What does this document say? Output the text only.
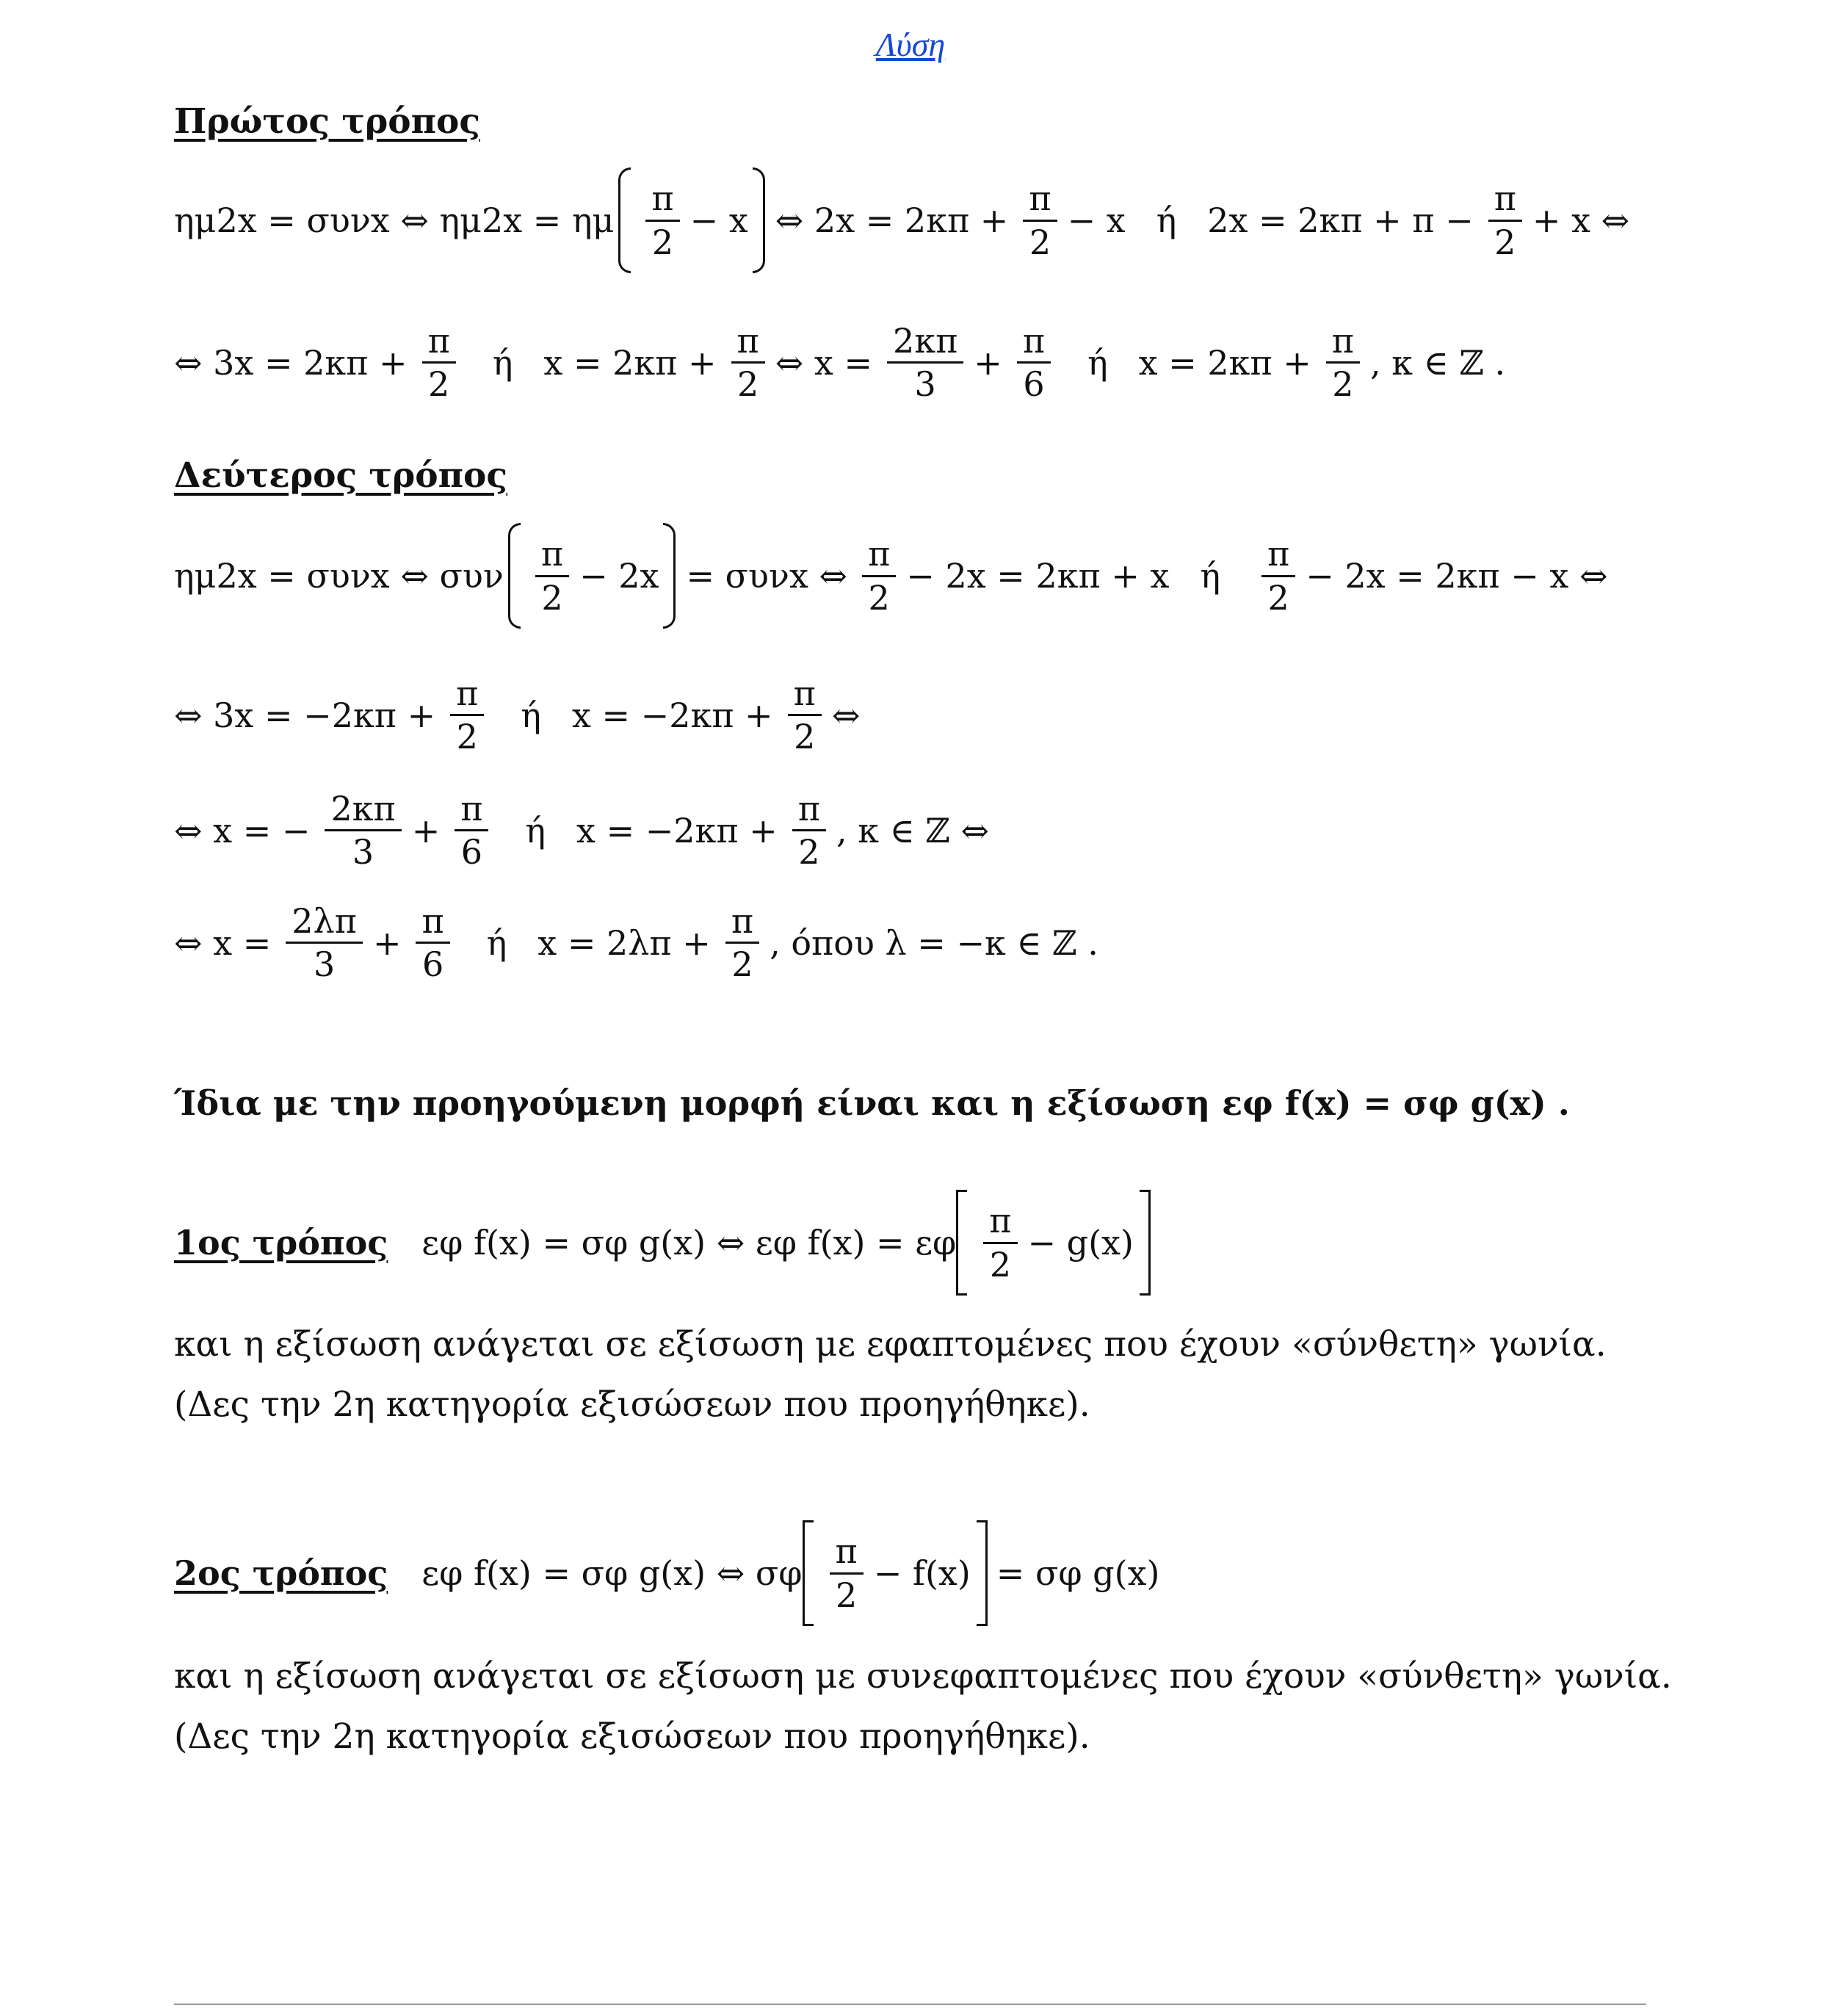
Λύση
Πρώτος τρόπος
ημ2x = συνx ⇔ ημ2x = ημ $\frac{\pi}{2} - x$ ⇔ $2x = 2\kappa\pi + \frac{\pi}{2} - x$ ή $2x = 2\kappa\pi + \pi - \frac{\pi}{2} + x$ ⇔
⇔ $3x = 2\kappa\pi + \frac{\pi}{2}$ ή $x = 2\kappa\pi + \frac{\pi}{2}$ ⇔ $x = \frac{2\kappa\pi}{3} + \frac{\pi}{6}$ ή $x = 2\kappa\pi + \frac{\pi}{2}$ , κ ∈ ℤ .
Δεύτερος τρόπος
ημ2x = συνx ⇔ συν $\frac{\pi}{2} - 2x = \sigma\upsilon\nu x$ ⇔ $\frac{\pi}{2} - 2x = 2\kappa\pi + x$ ή $\frac{\pi}{2} - 2x = 2\kappa\pi - x$ ⇔
⇔ $3x = -2\kappa\pi + \frac{\pi}{2}$ ή $x = -2\kappa\pi + \frac{\pi}{2}$ ⇔
⇔ x = − $\frac{2\kappa\pi}{3} + \frac{\pi}{6}$ ή $x = -2\kappa\pi + \frac{\pi}{2}$ , κ ∈ ℤ ⇔
⇔ $x = \frac{2\lambda\pi}{3} + \frac{\pi}{6}$ ή $x = 2\lambda\pi + \frac{\pi}{2}$ , όπου λ = −κ ∈ ℤ .
Ίδια με την προηγούμενη μορφή είναι και η εξίσωση εφ f(x) = σφ g(x) .
1ος τρόπος εφ f(x) = σφ g(x) ⇔ εφ f(x) = εφ $\frac{\pi}{2} - g(x)$
και η εξίσωση ανάγεται σε εξίσωση με εφαπτομένες που έχουν «σύνθετη» γωνία.
(Δες την 2η κατηγορία εξισώσεων που προηγήθηκε).
2ος τρόπος εφ f(x) = σφ g(x) ⇔ σφ $\frac{\pi}{2} - f(x) = \sigma\varphi$ g(x)
και η εξίσωση ανάγεται σε εξίσωση με συνεφαπτομένες που έχουν «σύνθετη» γωνία.
(Δες την 2η κατηγορία εξισώσεων που προηγήθηκε).
